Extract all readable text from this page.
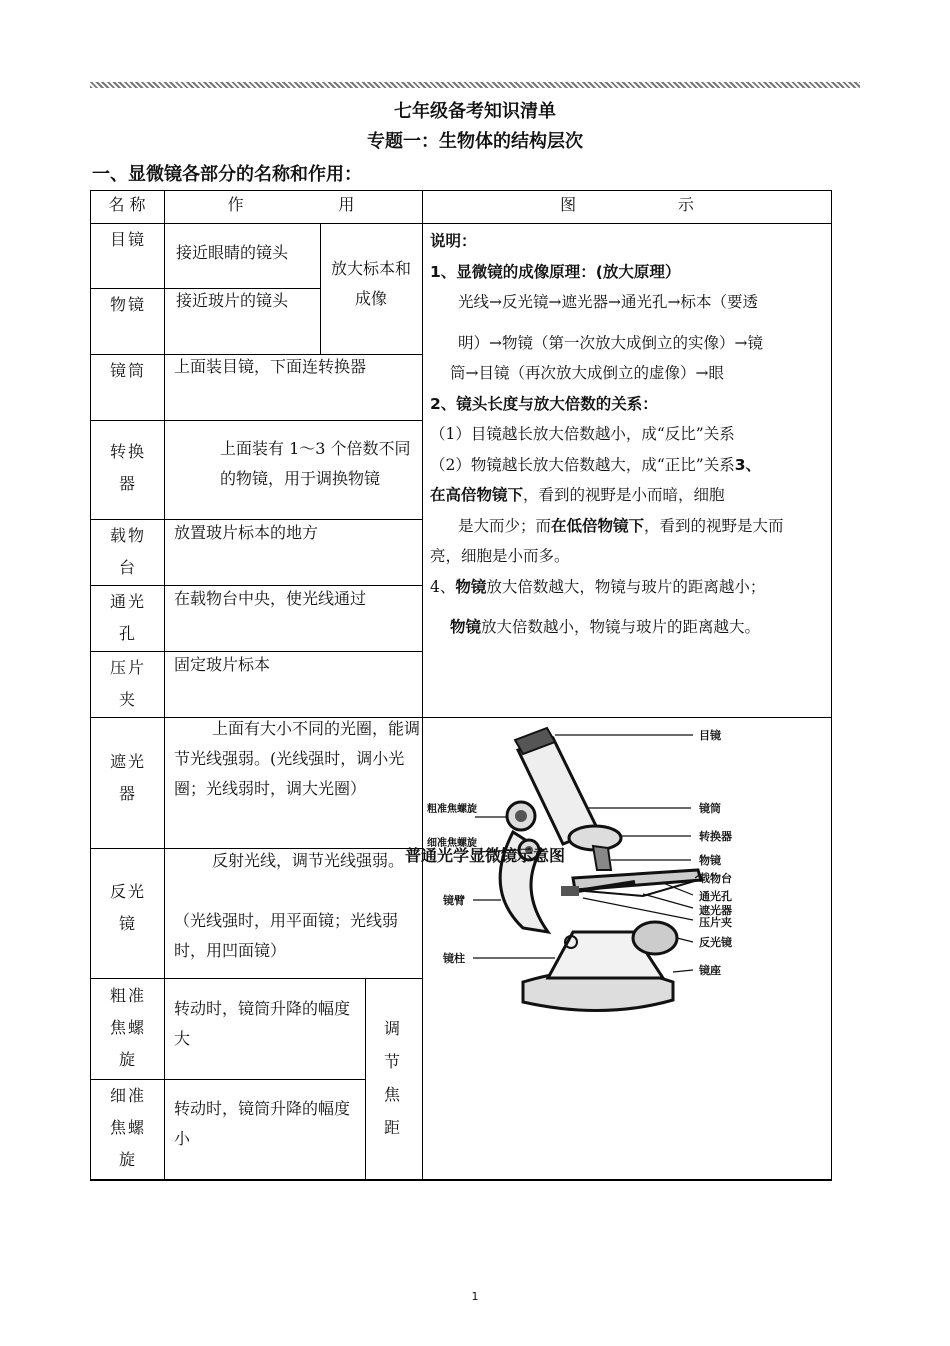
七年级备考知识清单
专题一：生物体的结构层次
一、显微镜各部分的名称和作用：
名 称	作          用	图                    示
目镜
物镜
镜筒
转换器
载物台
通光孔
压片夹
遮光器
反光镜
粗准焦螺旋
细准焦螺旋
接近眼睛的镜头
接近玻片的镜头
放大标本和成像
上面装目镜，下面连转换器
上面装有 1～3 个倍数不同的物镜，用于调换物镜
放置玻片标本的地方
在载物台中央，使光线通过
固定玻片标本
上面有大小不同的光圈，能调节光线强弱。(光线强时，调小光圈；光线弱时，调大光圈）
反射光线，调节光线强弱。
（光线强时，用平面镜；光线弱时，用凹面镜）
转动时，镜筒升降的幅度大
转动时，镜筒升降的幅度小
调节焦距

说明：

1、显微镜的成像原理：(放大原理）

光线→反光镜→遮光器→通光孔→标本（要透

明）→物镜（第一次放大成倒立的实像）→镜

筒→目镜（再次放大成倒立的虚像）→眼

2、镜头长度与放大倍数的关系：

（1）目镜越长放大倍数越小，成“反比”关系

（2）物镜越长放大倍数越大，成“正比”关系3、

在高倍物镜下，看到的视野是小而暗，细胞

是大而少；而在低倍物镜下，看到的视野是大而

亮，细胞是小而多。

4、物镜放大倍数越大，物镜与玻片的距离越小；

物镜放大倍数越小，物镜与玻片的距离越大。

目镜
镜筒
转换器
物镜
载物台
通光孔
遮光器
压片夹
反光镜
镜座
粗准焦螺旋
细准焦螺旋
镜臂
镜柱
普通光学显微镜示意图
1
